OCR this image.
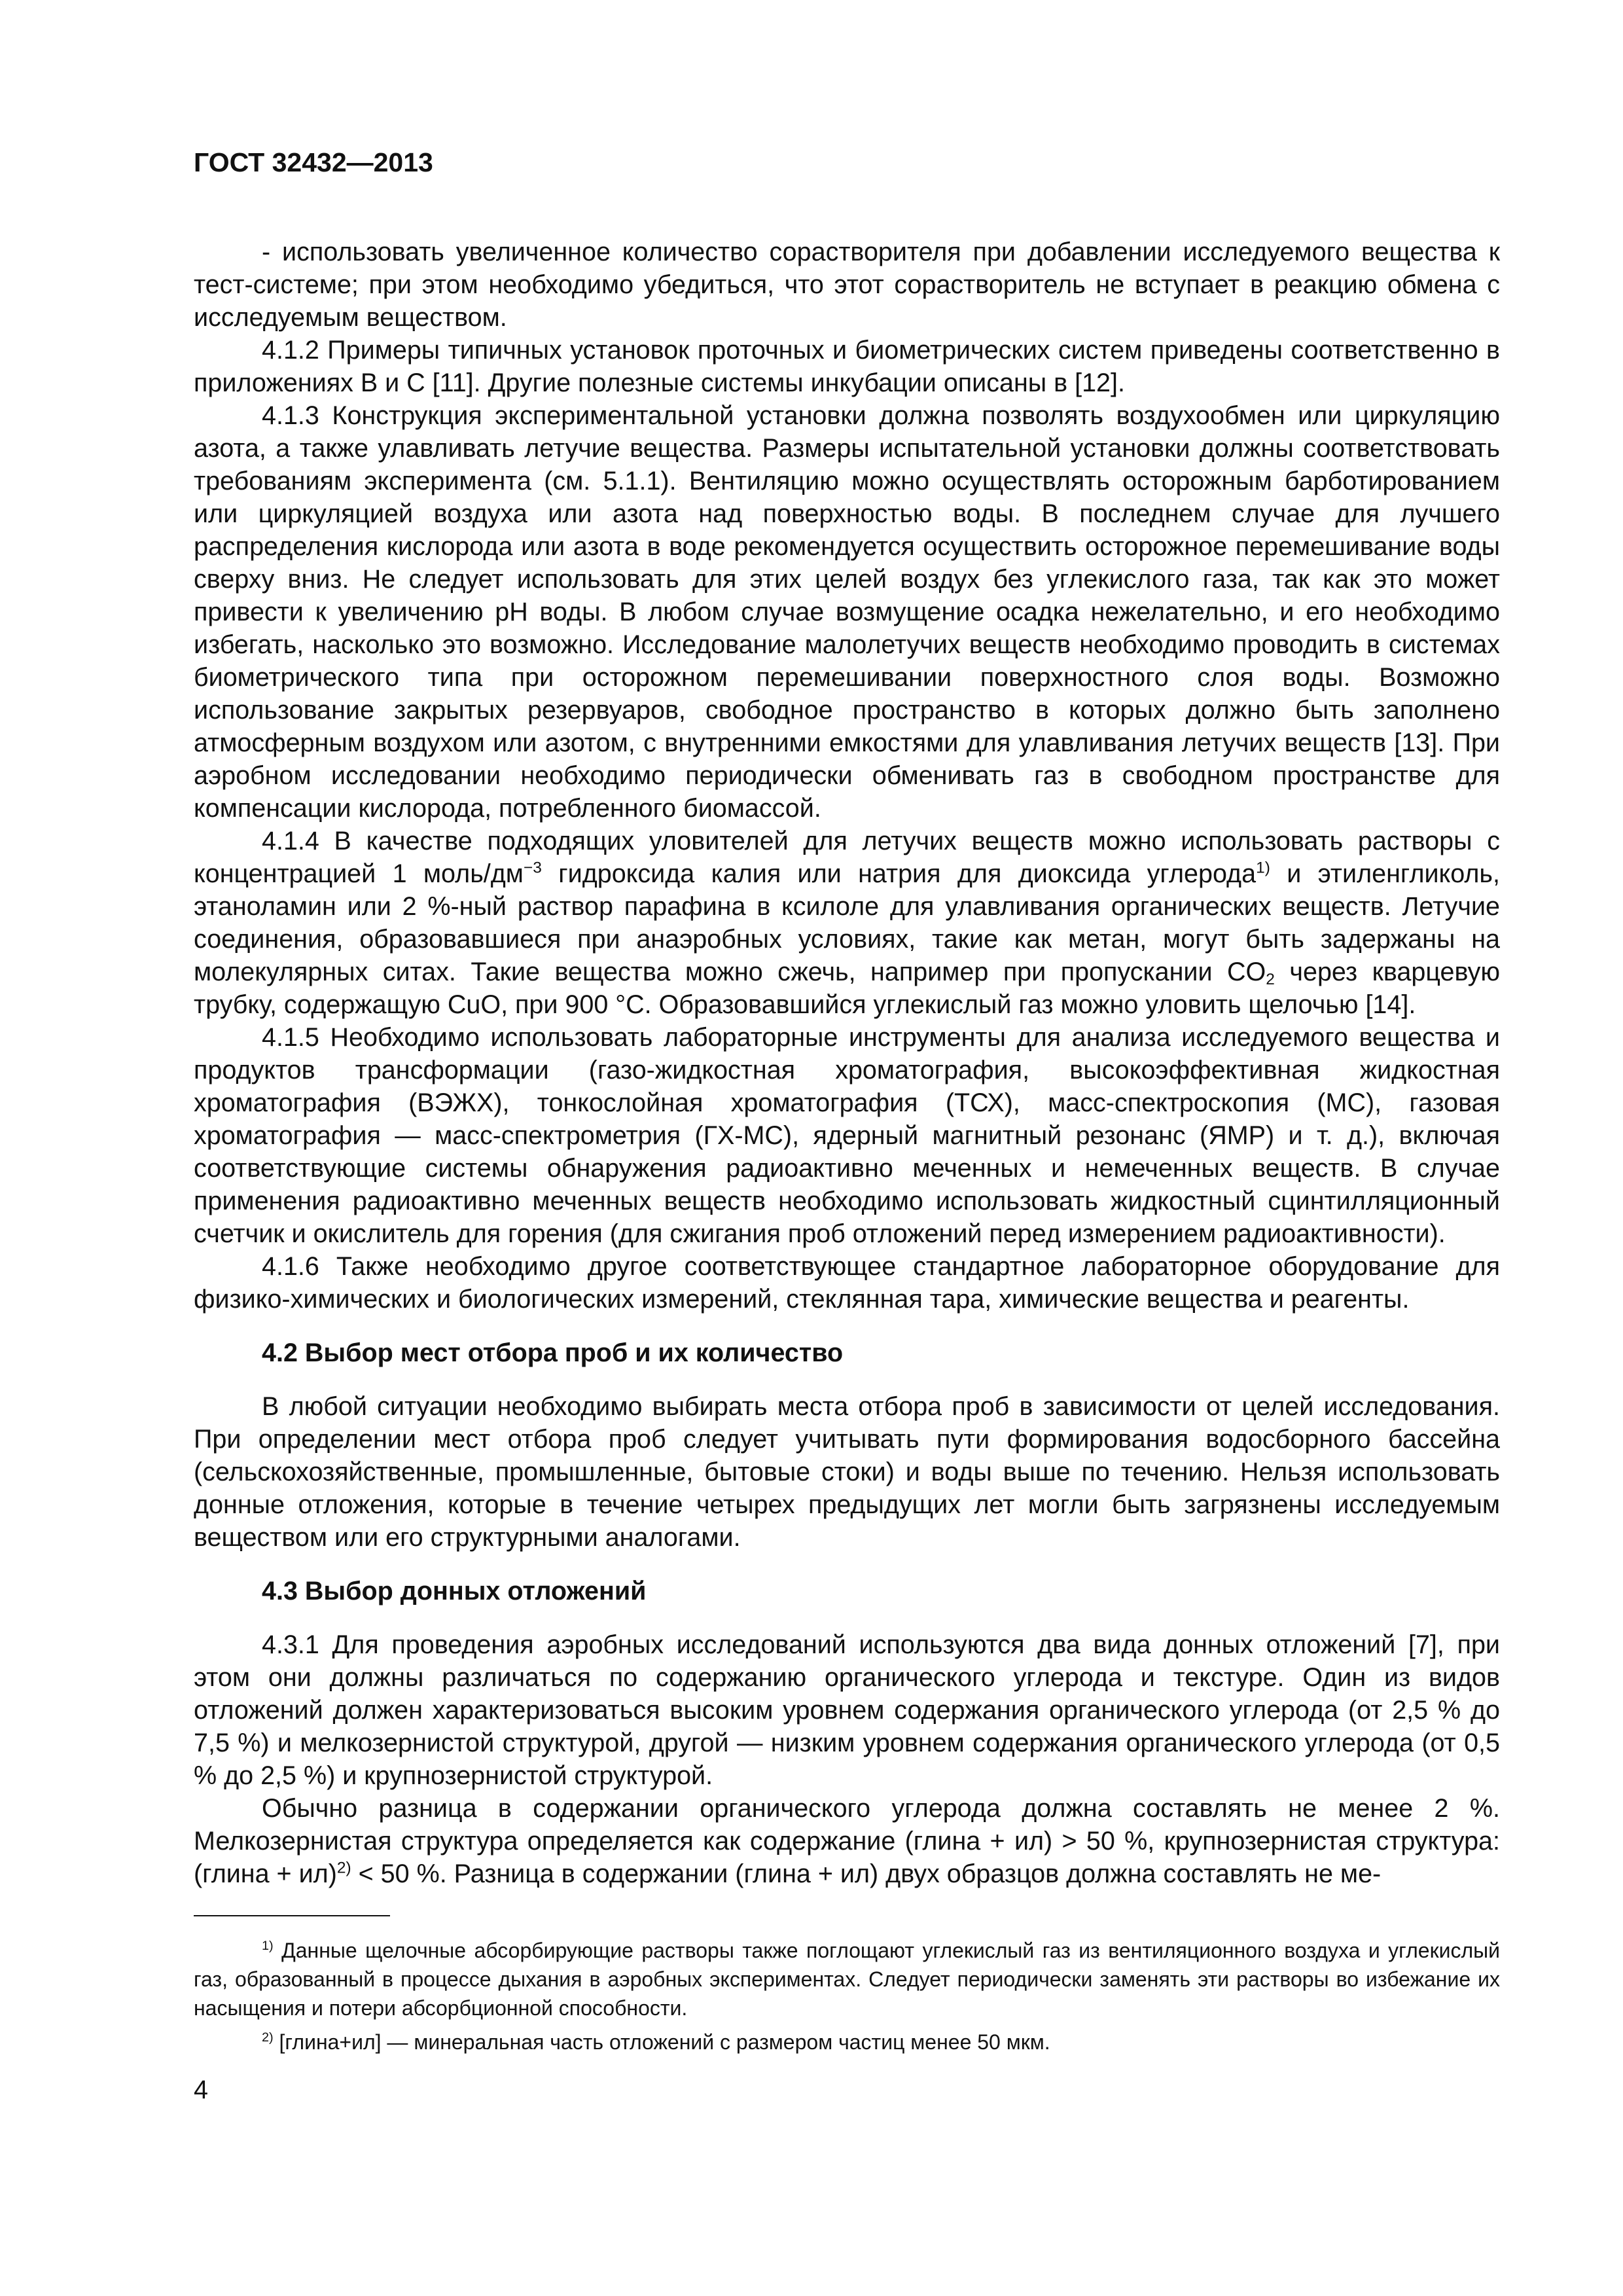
ГОСТ 32432—2013

- использовать увеличенное количество сорастворителя при добавлении исследуемого вещества к тест-системе; при этом необходимо убедиться, что этот сорастворитель не вступает в реакцию обмена с исследуемым веществом.

4.1.2 Примеры типичных установок проточных и биометрических систем приведены соответственно в приложениях В и С [11]. Другие полезные системы инкубации описаны в [12].

4.1.3 Конструкция экспериментальной установки должна позволять воздухообмен или циркуляцию азота, а также улавливать летучие вещества. Размеры испытательной установки должны соответствовать требованиям эксперимента (см. 5.1.1). Вентиляцию можно осуществлять осторожным барботированием или циркуляцией воздуха или азота над поверхностью воды. В последнем случае для лучшего распределения кислорода или азота в воде рекомендуется осуществить осторожное перемешивание воды сверху вниз. Не следует использовать для этих целей воздух без углекислого газа, так как это может привести к увеличению pH воды. В любом случае возмущение осадка нежелательно, и его необходимо избегать, насколько это возможно. Исследование малолетучих веществ необходимо проводить в системах биометрического типа при осторожном перемешивании поверхностного слоя воды. Возможно использование закрытых резервуаров, свободное пространство в которых должно быть заполнено атмосферным воздухом или азотом, с внутренними емкостями для улавливания летучих веществ [13]. При аэробном исследовании необходимо периодически обменивать газ в свободном пространстве для компенсации кислорода, потребленного биомассой.

4.1.4 В качестве подходящих уловителей для летучих веществ можно использовать растворы с концентрацией 1 моль/$дм^{-3}$ гидроксида калия или натрия для диоксида углерода$^{1)}$ и этиленгликоль, этаноламин или 2 %-ный раствор парафина в ксилоле для улавливания органических веществ. Летучие соединения, образовавшиеся при анаэробных условиях, такие как метан, могут быть задержаны на молекулярных ситах. Такие вещества можно сжечь, например при пропускании $CO_2$ через кварцевую трубку, содержащую CuO, при 900 °C. Образовавшийся углекислый газ можно уловить щелочью [14].

4.1.5 Необходимо использовать лабораторные инструменты для анализа исследуемого вещества и продуктов трансформации (газо-жидкостная хроматография, высокоэффективная жидкостная хроматография (ВЭЖХ), тонкослойная хроматография (ТСХ), масс-спектроскопия (МС), газовая хроматография — масс-спектрометрия (ГХ-МС), ядерный магнитный резонанс (ЯМР) и т. д.), включая соответствующие системы обнаружения радиоактивно меченных и немеченных веществ. В случае применения радиоактивно меченных веществ необходимо использовать жидкостный сцинтилляционный счетчик и окислитель для горения (для сжигания проб отложений перед измерением радиоактивности).

4.1.6 Также необходимо другое соответствующее стандартное лабораторное оборудование для физико-химических и биологических измерений, стеклянная тара, химические вещества и реагенты.

4.2 Выбор мест отбора проб и их количество

В любой ситуации необходимо выбирать места отбора проб в зависимости от целей исследования. При определении мест отбора проб следует учитывать пути формирования водосборного бассейна (сельскохозяйственные, промышленные, бытовые стоки) и воды выше по течению. Нельзя использовать донные отложения, которые в течение четырех предыдущих лет могли быть загрязнены исследуемым веществом или его структурными аналогами.

4.3 Выбор донных отложений

4.3.1 Для проведения аэробных исследований используются два вида донных отложений [7], при этом они должны различаться по содержанию органического углерода и текстуре. Один из видов отложений должен характеризоваться высоким уровнем содержания органического углерода (от 2,5 % до 7,5 %) и мелкозернистой структурой, другой — низким уровнем содержания органического углерода (от 0,5 % до 2,5 %) и крупнозернистой структурой.

Обычно разница в содержании органического углерода должна составлять не менее 2 %. Мелкозернистая структура определяется как содержание (глина + ил) > 50 %, крупнозернистая структура: (глина + ил)$^{2)}$ < 50 %. Разница в содержании (глина + ил) двух образцов должна составлять не ме-

$^{1)}$ Данные щелочные абсорбирующие растворы также поглощают углекислый газ из вентиляционного воздуха и углекислый газ, образованный в процессе дыхания в аэробных экспериментах. Следует периодически заменять эти растворы во избежание их насыщения и потери абсорбционной способности.

$^{2)}$ [глина+ил] — минеральная часть отложений с размером частиц менее 50 мкм.

4
